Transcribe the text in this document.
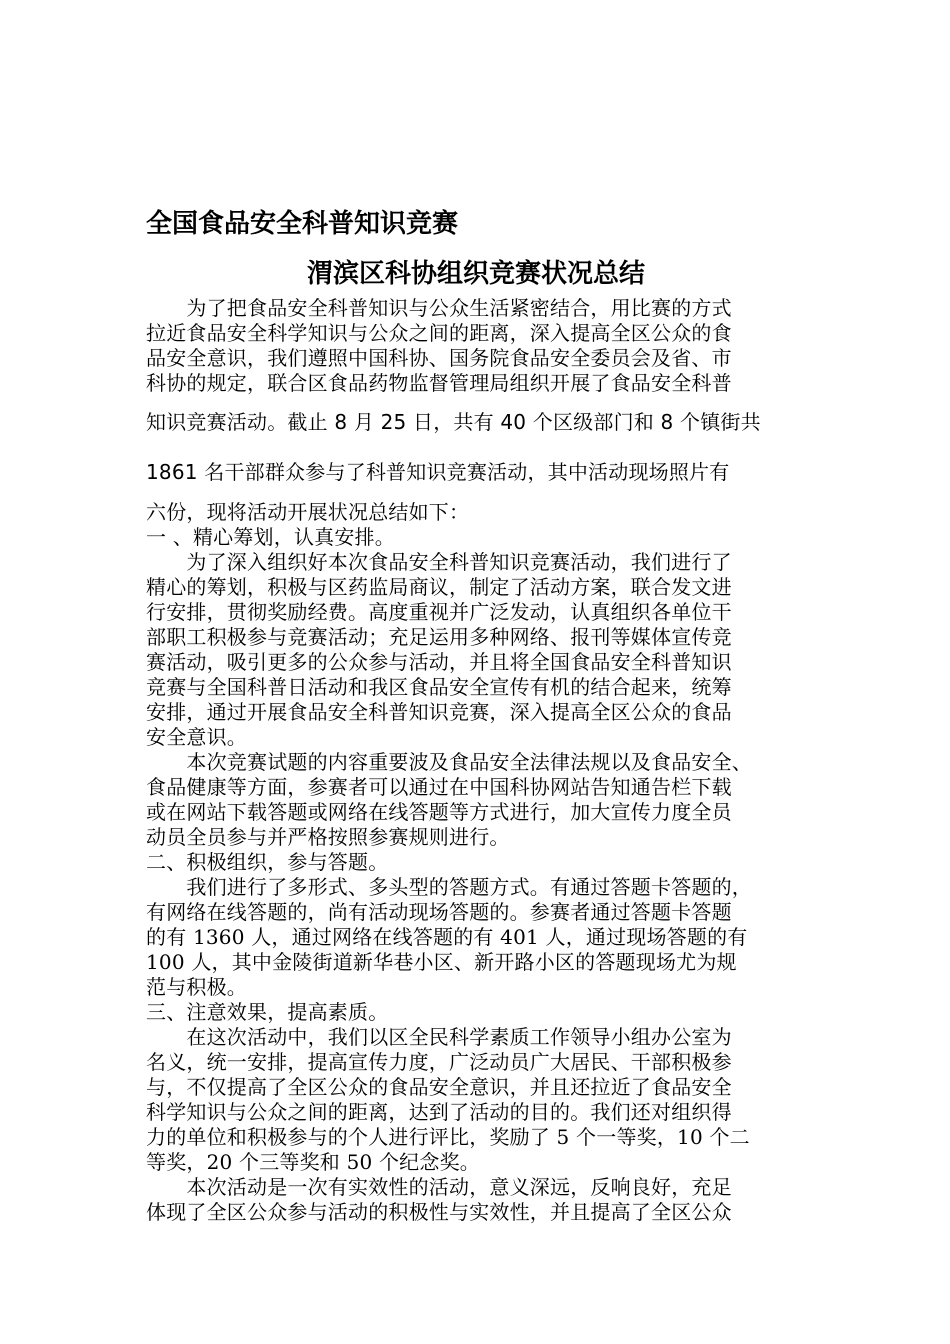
全国食品安全科普知识竞赛
渭滨区科协组织竞赛状况总结
　　为了把食品安全科普知识与公众生活紧密结合，用比赛的方式
拉近食品安全科学知识与公众之间的距离，深入提高全区公众的食
品安全意识，我们遵照中国科协、国务院食品安全委员会及省、市
科协的规定，联合区食品药物监督管理局组织开展了食品安全科普
知识竞赛活动。截止 8 月 25 日，共有 40 个区级部门和 8 个镇街共
1861 名干部群众参与了科普知识竞赛活动，其中活动现场照片有
六份，现将活动开展状况总结如下：
一 、精心筹划，认真安排。
　　为了深入组织好本次食品安全科普知识竞赛活动，我们进行了
精心的筹划，积极与区药监局商议，制定了活动方案，联合发文进
行安排，贯彻奖励经费。高度重视并广泛发动，认真组织各单位干
部职工积极参与竞赛活动；充足运用多种网络、报刊等媒体宣传竞
赛活动，吸引更多的公众参与活动，并且将全国食品安全科普知识
竞赛与全国科普日活动和我区食品安全宣传有机的结合起来，统筹
安排，通过开展食品安全科普知识竞赛，深入提高全区公众的食品
安全意识。
　　本次竞赛试题的内容重要波及食品安全法律法规以及食品安全、
食品健康等方面，参赛者可以通过在中国科协网站告知通告栏下载
或在网站下载答题或网络在线答题等方式进行，加大宣传力度全员
动员全员参与并严格按照参赛规则进行。
二、积极组织，参与答题。
　　我们进行了多形式、多头型的答题方式。有通过答题卡答题的，
有网络在线答题的，尚有活动现场答题的。参赛者通过答题卡答题
的有 1360 人，通过网络在线答题的有 401 人，通过现场答题的有
100 人，其中金陵街道新华巷小区、新开路小区的答题现场尤为规
范与积极。
三、注意效果，提高素质。
　　在这次活动中，我们以区全民科学素质工作领导小组办公室为
名义，统一安排，提高宣传力度，广泛动员广大居民、干部积极参
与，不仅提高了全区公众的食品安全意识，并且还拉近了食品安全
科学知识与公众之间的距离，达到了活动的目的。我们还对组织得
力的单位和积极参与的个人进行评比，奖励了 5 个一等奖，10 个二
等奖，20 个三等奖和 50 个纪念奖。
　　本次活动是一次有实效性的活动，意义深远，反响良好，充足
体现了全区公众参与活动的积极性与实效性，并且提高了全区公众
